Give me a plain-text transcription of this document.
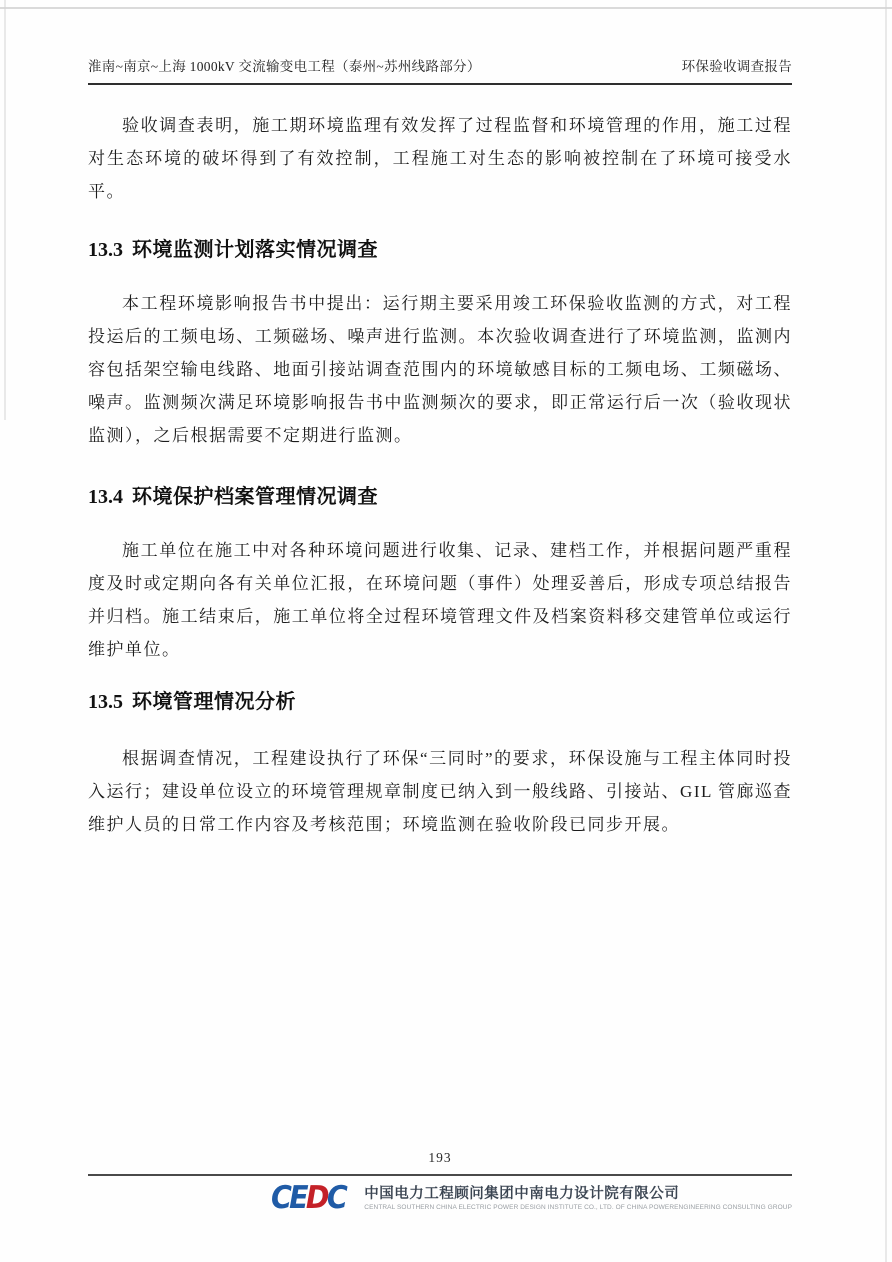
淮南~南京~上海 1000kV 交流输变电工程（泰州~苏州线路部分）	环保验收调查报告

验收调查表明，施工期环境监理有效发挥了过程监督和环境管理的作用，施工过程对生态环境的破坏得到了有效控制，工程施工对生态的影响被控制在了环境可接受水平。

13.3 环境监测计划落实情况调查

本工程环境影响报告书中提出：运行期主要采用竣工环保验收监测的方式，对工程投运后的工频电场、工频磁场、噪声进行监测。本次验收调查进行了环境监测，监测内容包括架空输电线路、地面引接站调查范围内的环境敏感目标的工频电场、工频磁场、噪声。监测频次满足环境影响报告书中监测频次的要求，即正常运行后一次（验收现状监测），之后根据需要不定期进行监测。

13.4 环境保护档案管理情况调查

施工单位在施工中对各种环境问题进行收集、记录、建档工作，并根据问题严重程度及时或定期向各有关单位汇报，在环境问题（事件）处理妥善后，形成专项总结报告并归档。施工结束后，施工单位将全过程环境管理文件及档案资料移交建管单位或运行维护单位。

13.5 环境管理情况分析

根据调查情况，工程建设执行了环保“三同时”的要求，环保设施与工程主体同时投入运行；建设单位设立的环境管理规章制度已纳入到一般线路、引接站、GIL 管廊巡查维护人员的日常工作内容及考核范围；环境监测在验收阶段已同步开展。

193
CEDC 中国电力工程顾问集团中南电力设计院有限公司
CENTRAL SOUTHERN CHINA ELECTRIC POWER DESIGN INSTITUTE CO., LTD. OF CHINA POWERENGINEERING CONSULTING GROUP
